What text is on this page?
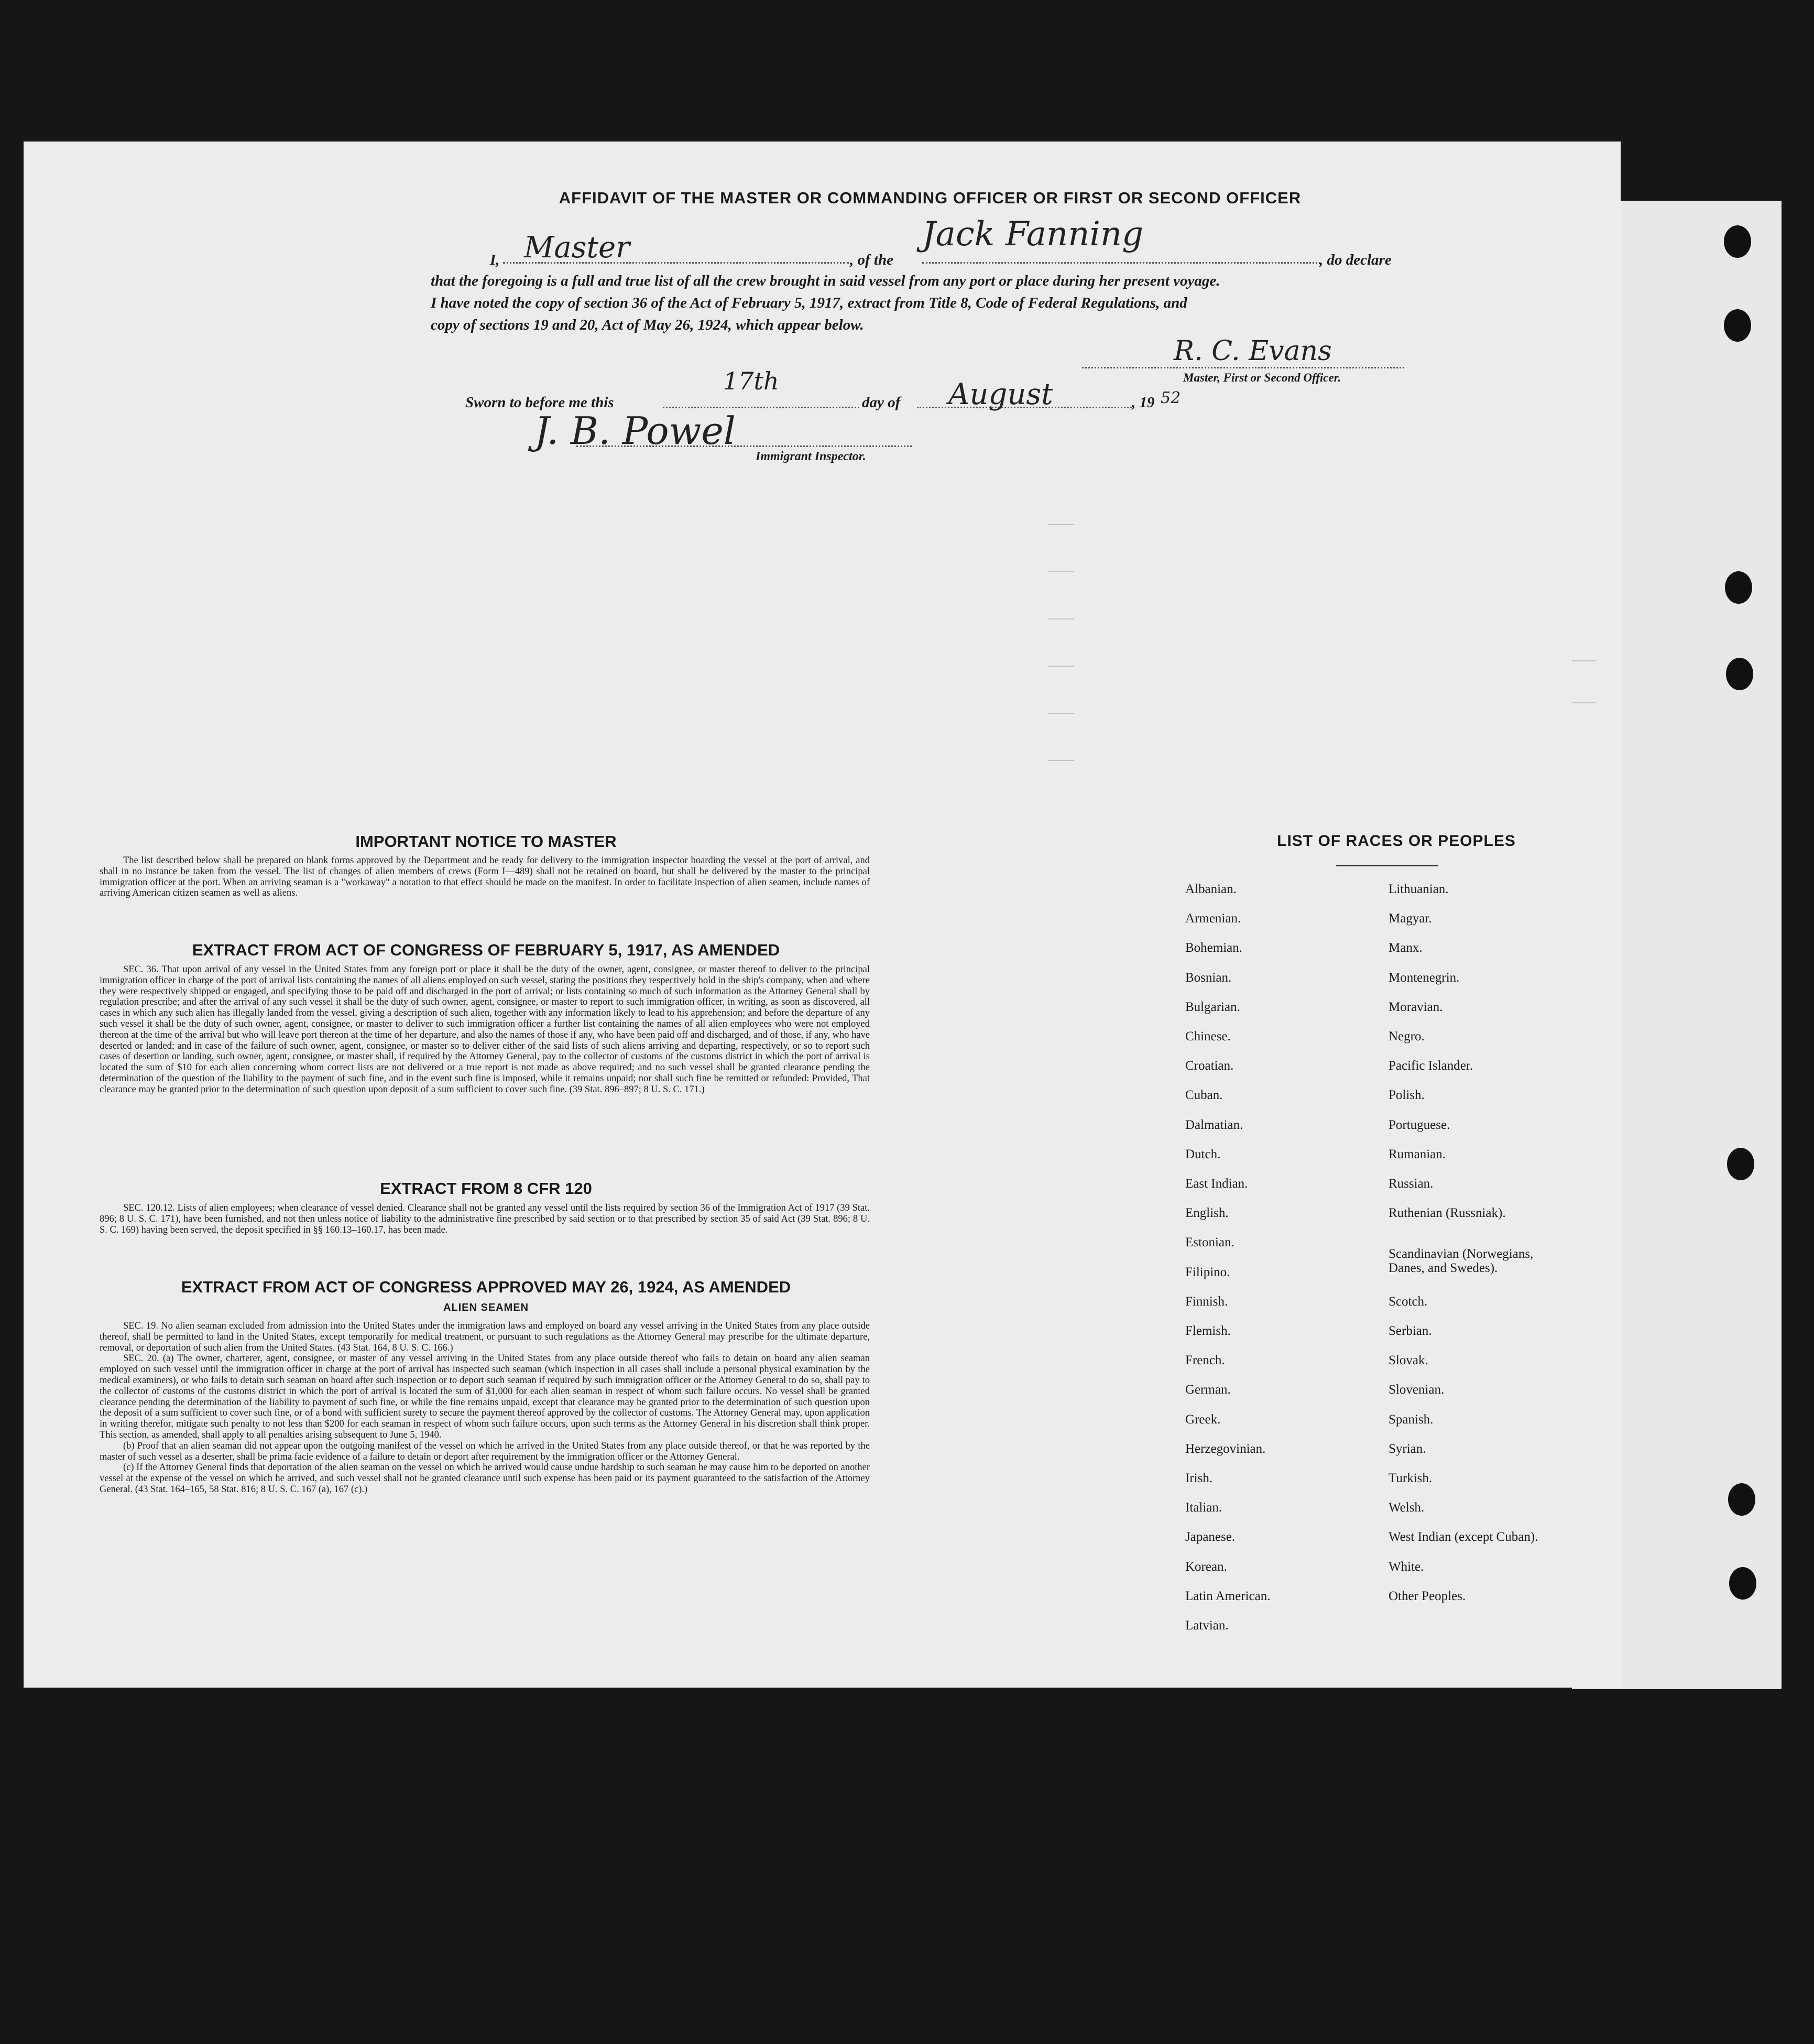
AFFIDAVIT OF THE MASTER OR COMMANDING OFFICER OR FIRST OR SECOND OFFICER
I, Master	, of the
Jack Fanning
, do declare
that the foregoing is a full and true list of all the crew brought in said vessel from any port or place during her present voyage.
I have noted the copy of section 36 of the Act of February 5, 1917, extract from Title 8, Code of Federal Regulations, and
copy of sections 19 and 20, Act of May 26, 1924, which appear below.
R. C. Evans
Master, First or Second Officer.
Sworn to before me this
17th
day of August	, 19 52
J. B. Powel
Immigrant Inspector.
IMPORTANT NOTICE TO MASTER
The list described below shall be prepared on blank forms approved by the Department and be ready for delivery to the immigration inspector boarding the vessel at the port of arrival, and shall in no instance be taken from the vessel. The list of changes of alien members of crews (Form I—489) shall not be retained on board, but shall be delivered by the master to the principal immigration officer at the port. When an arriving seaman is a "workaway" a notation to that effect should be made on the manifest. In order to facilitate inspection of alien seamen, include names of arriving American citizen seamen as well as aliens.
EXTRACT FROM ACT OF CONGRESS OF FEBRUARY 5, 1917, AS AMENDED
SEC. 36. That upon arrival of any vessel in the United States from any foreign port or place it shall be the duty of the owner, agent, consignee, or master thereof to deliver to the principal immigration officer in charge of the port of arrival lists containing the names of all aliens employed on such vessel, stating the positions they respectively hold in the ship's company, when and where they were respectively shipped or engaged, and specifying those to be paid off and discharged in the port of arrival; or lists containing so much of such information as the Attorney General shall by regulation prescribe; and after the arrival of any such vessel it shall be the duty of such owner, agent, consignee, or master to report to such immigration officer, in writing, as soon as discovered, all cases in which any such alien has illegally landed from the vessel, giving a description of such alien, together with any information likely to lead to his apprehension; and before the departure of any such vessel it shall be the duty of such owner, agent, consignee, or master to deliver to such immigration officer a further list containing the names of all alien employees who were not employed thereon at the time of the arrival but who will leave port thereon at the time of her departure, and also the names of those if any, who have been paid off and discharged, and of those, if any, who have deserted or landed; and in case of the failure of such owner, agent, consignee, or master so to deliver either of the said lists of such aliens arriving and departing, respectively, or so to report such cases of desertion or landing, such owner, agent, consignee, or master shall, if required by the Attorney General, pay to the collector of customs of the customs district in which the port of arrival is located the sum of $10 for each alien concerning whom correct lists are not delivered or a true report is not made as above required; and no such vessel shall be granted clearance pending the determination of the question of the liability to the payment of such fine, and in the event such fine is imposed, while it remains unpaid; nor shall such fine be remitted or refunded: Provided, That clearance may be granted prior to the determination of such question upon deposit of a sum sufficient to cover such fine. (39 Stat. 896–897; 8 U. S. C. 171.)
EXTRACT FROM 8 CFR 120
SEC. 120.12. Lists of alien employees; when clearance of vessel denied. Clearance shall not be granted any vessel until the lists required by section 36 of the Immigration Act of 1917 (39 Stat. 896; 8 U. S. C. 171), have been furnished, and not then unless notice of liability to the administrative fine prescribed by said section or to that prescribed by section 35 of said Act (39 Stat. 896; 8 U. S. C. 169) having been served, the deposit specified in §§ 160.13–160.17, has been made.
EXTRACT FROM ACT OF CONGRESS APPROVED MAY 26, 1924, AS AMENDED
ALIEN SEAMEN
SEC. 19. No alien seaman excluded from admission into the United States under the immigration laws and employed on board any vessel arriving in the United States from any place outside thereof, shall be permitted to land in the United States, except temporarily for medical treatment, or pursuant to such regulations as the Attorney General may prescribe for the ultimate departure, removal, or deportation of such alien from the United States. (43 Stat. 164, 8 U. S. C. 166.)
SEC. 20. (a) The owner, charterer, agent, consignee, or master of any vessel arriving in the United States from any place outside thereof who fails to detain on board any alien seaman employed on such vessel until the immigration officer in charge at the port of arrival has inspected such seaman (which inspection in all cases shall include a personal physical examination by the medical examiners), or who fails to detain such seaman on board after such inspection or to deport such seaman if required by such immigration officer or the Attorney General to do so, shall pay to the collector of customs of the customs district in which the port of arrival is located the sum of $1,000 for each alien seaman in respect of whom such failure occurs. No vessel shall be granted clearance pending the determination of the liability to payment of such fine, or while the fine remains unpaid, except that clearance may be granted prior to the determination of such question upon the deposit of a sum sufficient to cover such fine, or of a bond with sufficient surety to secure the payment thereof approved by the collector of customs. The Attorney General may, upon application in writing therefor, mitigate such penalty to not less than $200 for each seaman in respect of whom such failure occurs, upon such terms as the Attorney General in his discretion shall think proper. This section, as amended, shall apply to all penalties arising subsequent to June 5, 1940.
(b) Proof that an alien seaman did not appear upon the outgoing manifest of the vessel on which he arrived in the United States from any place outside thereof, or that he was reported by the master of such vessel as a deserter, shall be prima facie evidence of a failure to detain or deport after requirement by the immigration officer or the Attorney General.
(c) If the Attorney General finds that deportation of the alien seaman on the vessel on which he arrived would cause undue hardship to such seaman he may cause him to be deported on another vessel at the expense of the vessel on which he arrived, and such vessel shall not be granted clearance until such expense has been paid or its payment guaranteed to the satisfaction of the Attorney General. (43 Stat. 164–165, 58 Stat. 816; 8 U. S. C. 167 (a), 167 (c).)
LIST OF RACES OR PEOPLES
Albanian.
Armenian.
Bohemian.
Bosnian.
Bulgarian.
Chinese.
Croatian.
Cuban.
Dalmatian.
Dutch.
East Indian.
English.
Estonian.
Filipino.
Finnish.
Flemish.
French.
German.
Greek.
Herzegovinian.
Irish.
Italian.
Japanese.
Korean.
Latin American.
Latvian.
Lithuanian.
Magyar.
Manx.
Montenegrin.
Moravian.
Negro.
Pacific Islander.
Polish.
Portuguese.
Rumanian.
Russian.
Ruthenian (Russniak).
Scandinavian (Norwegians,
Danes, and Swedes).
Scotch.
Serbian.
Slovak.
Slovenian.
Spanish.
Syrian.
Turkish.
Welsh.
West Indian (except Cuban).
White.
Other Peoples.
